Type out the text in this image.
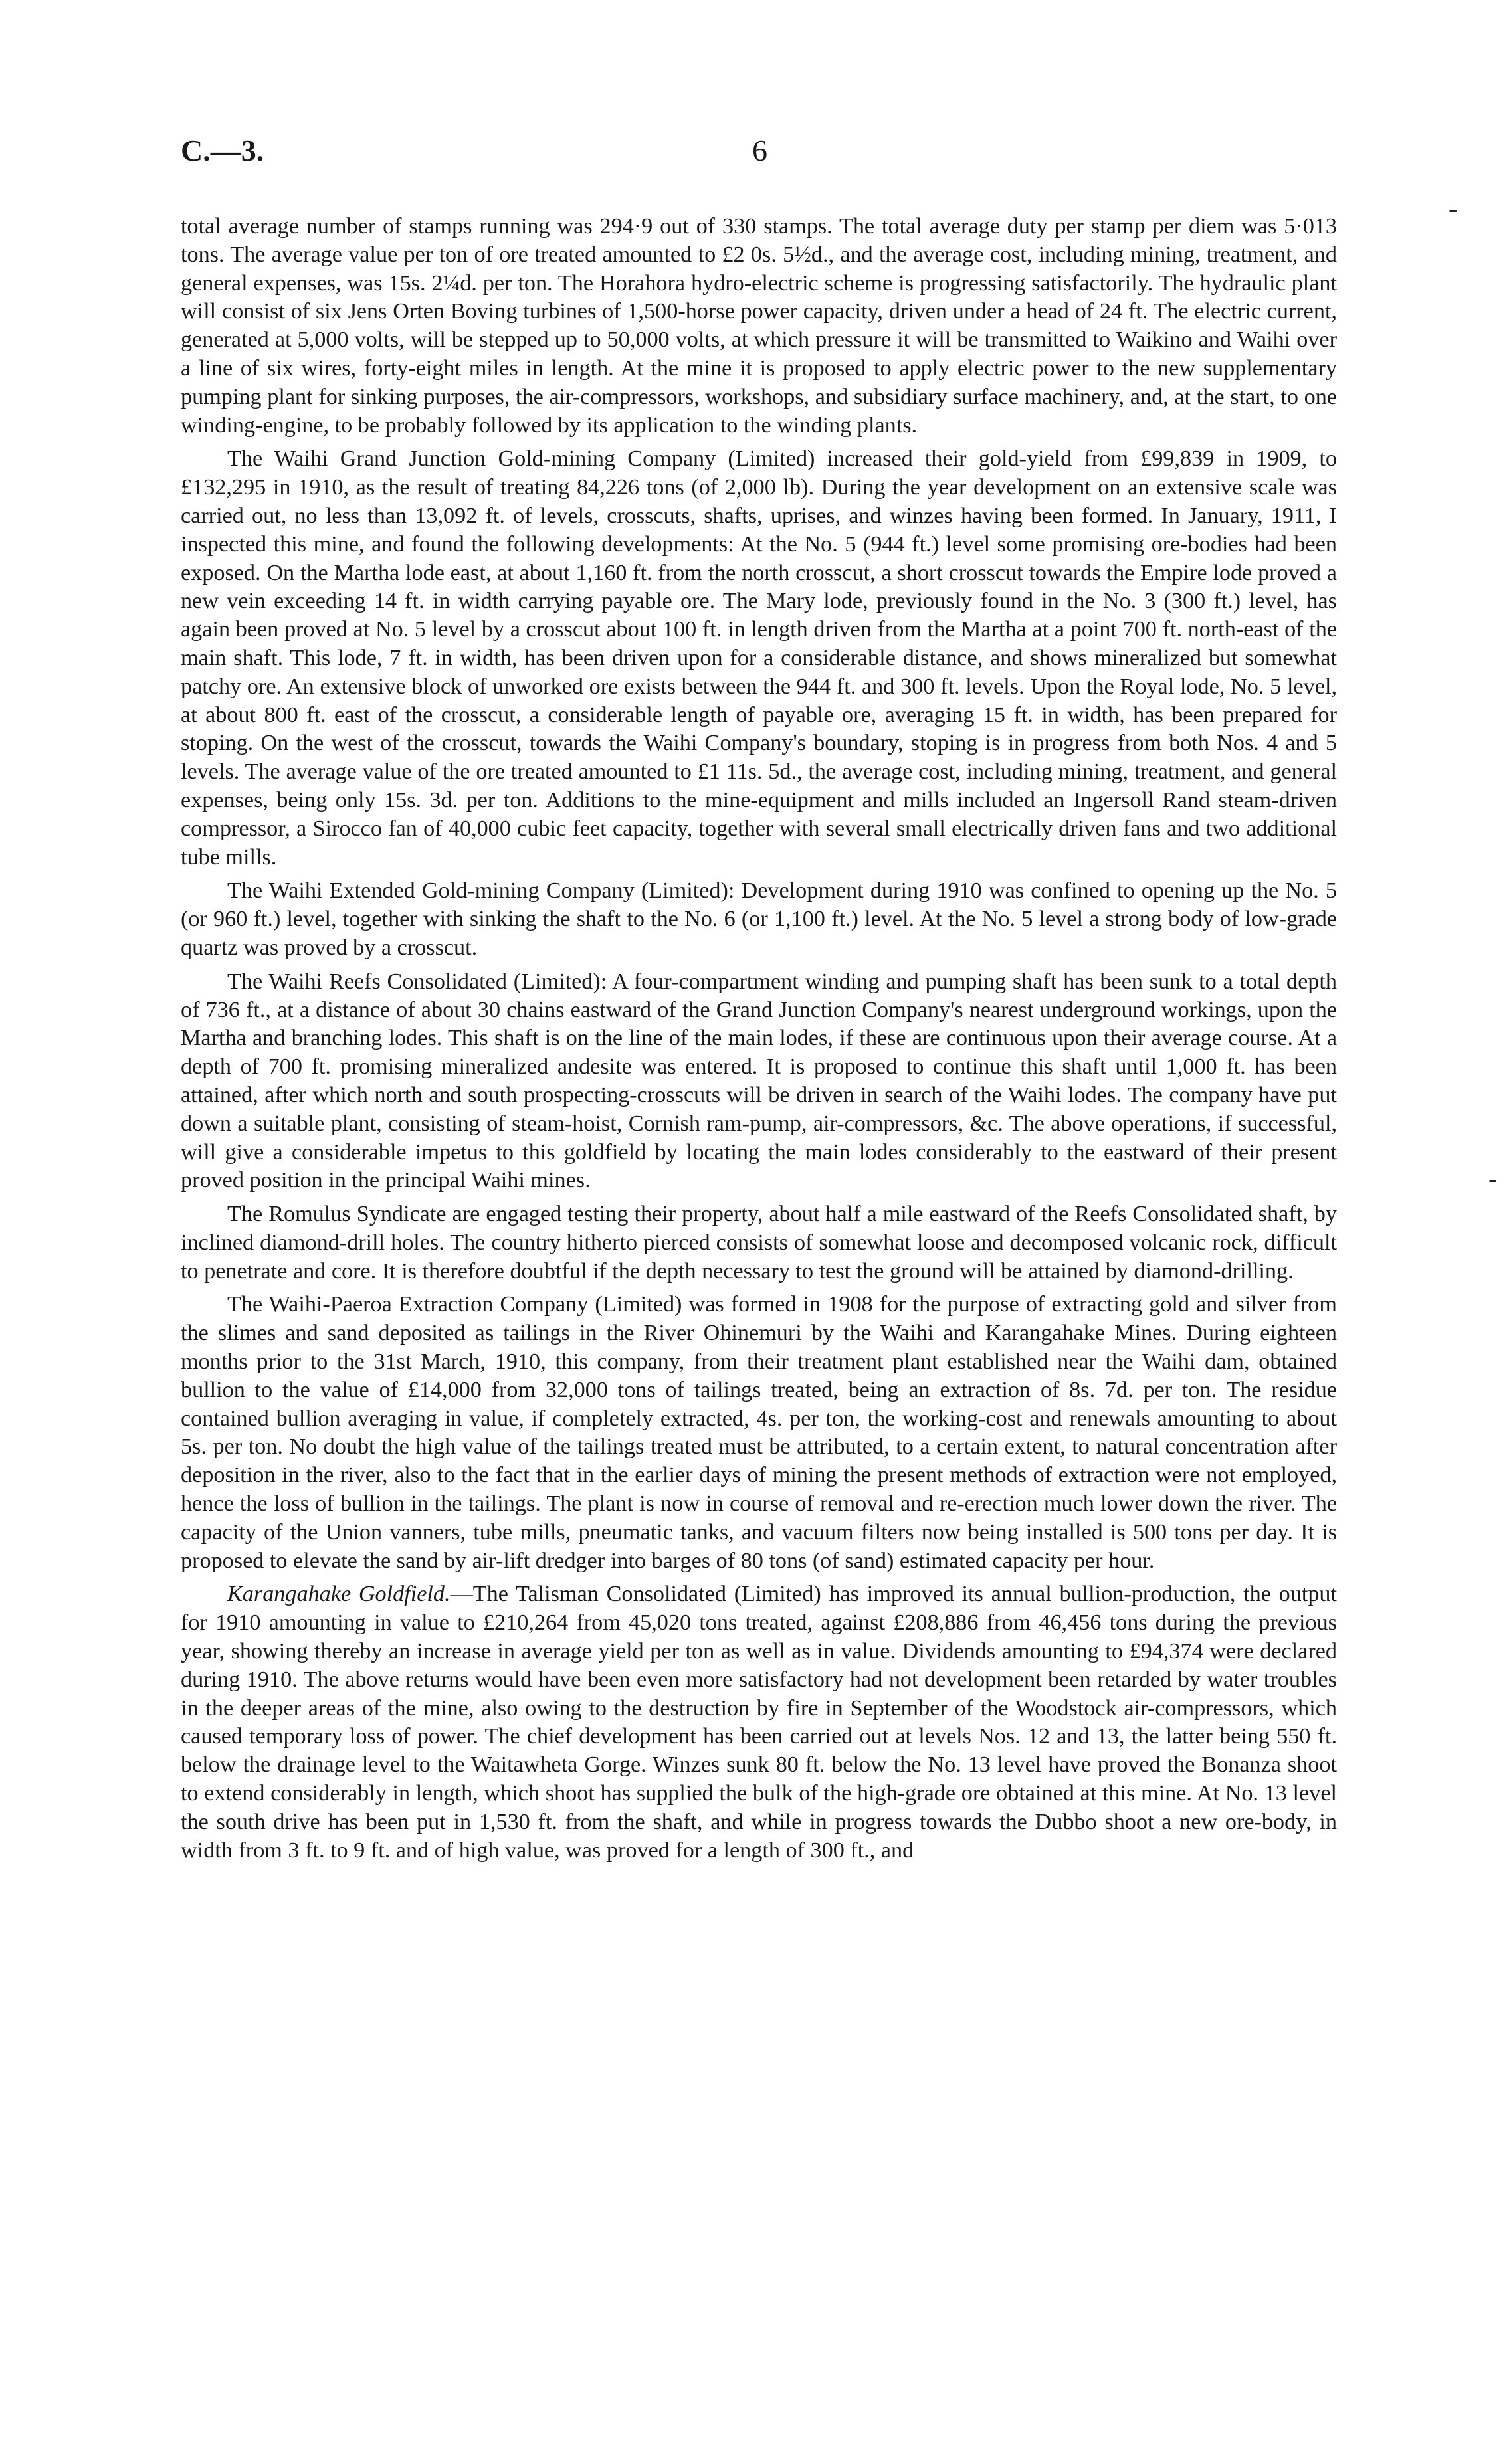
C.—3.	6
-
-

total average number of stamps running was 294·9 out of 330 stamps. The total average duty per stamp per diem was 5·013 tons. The average value per ton of ore treated amounted to £2 0s. 5½d., and the average cost, including mining, treatment, and general expenses, was 15s. 2¼d. per ton. The Horahora hydro-electric scheme is progressing satisfactorily. The hydraulic plant will consist of six Jens Orten Boving turbines of 1,500-horse power capacity, driven under a head of 24 ft. The electric current, generated at 5,000 volts, will be stepped up to 50,000 volts, at which pressure it will be transmitted to Waikino and Waihi over a line of six wires, forty-eight miles in length. At the mine it is proposed to apply electric power to the new supplementary pumping plant for sinking purposes, the air-compressors, workshops, and subsidiary surface machinery, and, at the start, to one winding-engine, to be probably followed by its application to the winding plants.

The Waihi Grand Junction Gold-mining Company (Limited) increased their gold-yield from £99,839 in 1909, to £132,295 in 1910, as the result of treating 84,226 tons (of 2,000 lb). During the year development on an extensive scale was carried out, no less than 13,092 ft. of levels, crosscuts, shafts, uprises, and winzes having been formed. In January, 1911, I inspected this mine, and found the following developments: At the No. 5 (944 ft.) level some promising ore-bodies had been exposed. On the Martha lode east, at about 1,160 ft. from the north crosscut, a short crosscut towards the Empire lode proved a new vein exceeding 14 ft. in width carrying payable ore. The Mary lode, previously found in the No. 3 (300 ft.) level, has again been proved at No. 5 level by a crosscut about 100 ft. in length driven from the Martha at a point 700 ft. north-east of the main shaft. This lode, 7 ft. in width, has been driven upon for a considerable distance, and shows mineralized but somewhat patchy ore. An extensive block of unworked ore exists between the 944 ft. and 300 ft. levels. Upon the Royal lode, No. 5 level, at about 800 ft. east of the crosscut, a considerable length of payable ore, averaging 15 ft. in width, has been prepared for stoping. On the west of the crosscut, towards the Waihi Company's boundary, stoping is in progress from both Nos. 4 and 5 levels. The average value of the ore treated amounted to £1 11s. 5d., the average cost, including mining, treatment, and general expenses, being only 15s. 3d. per ton. Additions to the mine-equipment and mills included an Ingersoll Rand steam-driven compressor, a Sirocco fan of 40,000 cubic feet capacity, together with several small electrically driven fans and two additional tube mills.

The Waihi Extended Gold-mining Company (Limited): Development during 1910 was confined to opening up the No. 5 (or 960 ft.) level, together with sinking the shaft to the No. 6 (or 1,100 ft.) level. At the No. 5 level a strong body of low-grade quartz was proved by a crosscut.

The Waihi Reefs Consolidated (Limited): A four-compartment winding and pumping shaft has been sunk to a total depth of 736 ft., at a distance of about 30 chains eastward of the Grand Junction Company's nearest underground workings, upon the Martha and branching lodes. This shaft is on the line of the main lodes, if these are continuous upon their average course. At a depth of 700 ft. promising mineralized andesite was entered. It is proposed to continue this shaft until 1,000 ft. has been attained, after which north and south prospecting-crosscuts will be driven in search of the Waihi lodes. The company have put down a suitable plant, consisting of steam-hoist, Cornish ram-pump, air-compressors, &c. The above operations, if successful, will give a considerable impetus to this goldfield by locating the main lodes considerably to the eastward of their present proved position in the principal Waihi mines.

The Romulus Syndicate are engaged testing their property, about half a mile eastward of the Reefs Consolidated shaft, by inclined diamond-drill holes. The country hitherto pierced consists of somewhat loose and decomposed volcanic rock, difficult to penetrate and core. It is therefore doubtful if the depth necessary to test the ground will be attained by diamond-drilling.

The Waihi-Paeroa Extraction Company (Limited) was formed in 1908 for the purpose of extracting gold and silver from the slimes and sand deposited as tailings in the River Ohinemuri by the Waihi and Karangahake Mines. During eighteen months prior to the 31st March, 1910, this company, from their treatment plant established near the Waihi dam, obtained bullion to the value of £14,000 from 32,000 tons of tailings treated, being an extraction of 8s. 7d. per ton. The residue contained bullion averaging in value, if completely extracted, 4s. per ton, the working-cost and renewals amounting to about 5s. per ton. No doubt the high value of the tailings treated must be attributed, to a certain extent, to natural concentration after deposition in the river, also to the fact that in the earlier days of mining the present methods of extraction were not employed, hence the loss of bullion in the tailings. The plant is now in course of removal and re-erection much lower down the river. The capacity of the Union vanners, tube mills, pneumatic tanks, and vacuum filters now being installed is 500 tons per day. It is proposed to elevate the sand by air-lift dredger into barges of 80 tons (of sand) estimated capacity per hour.

Karangahake Goldfield.—The Talisman Consolidated (Limited) has improved its annual bullion-production, the output for 1910 amounting in value to £210,264 from 45,020 tons treated, against £208,886 from 46,456 tons during the previous year, showing thereby an increase in average yield per ton as well as in value. Dividends amounting to £94,374 were declared during 1910. The above returns would have been even more satisfactory had not development been retarded by water troubles in the deeper areas of the mine, also owing to the destruction by fire in September of the Woodstock air-compressors, which caused temporary loss of power. The chief development has been carried out at levels Nos. 12 and 13, the latter being 550 ft. below the drainage level to the Waitawheta Gorge. Winzes sunk 80 ft. below the No. 13 level have proved the Bonanza shoot to extend considerably in length, which shoot has supplied the bulk of the high-grade ore obtained at this mine. At No. 13 level the south drive has been put in 1,530 ft. from the shaft, and while in progress towards the Dubbo shoot a new ore-body, in width from 3 ft. to 9 ft. and of high value, was proved for a length of 300 ft., and
